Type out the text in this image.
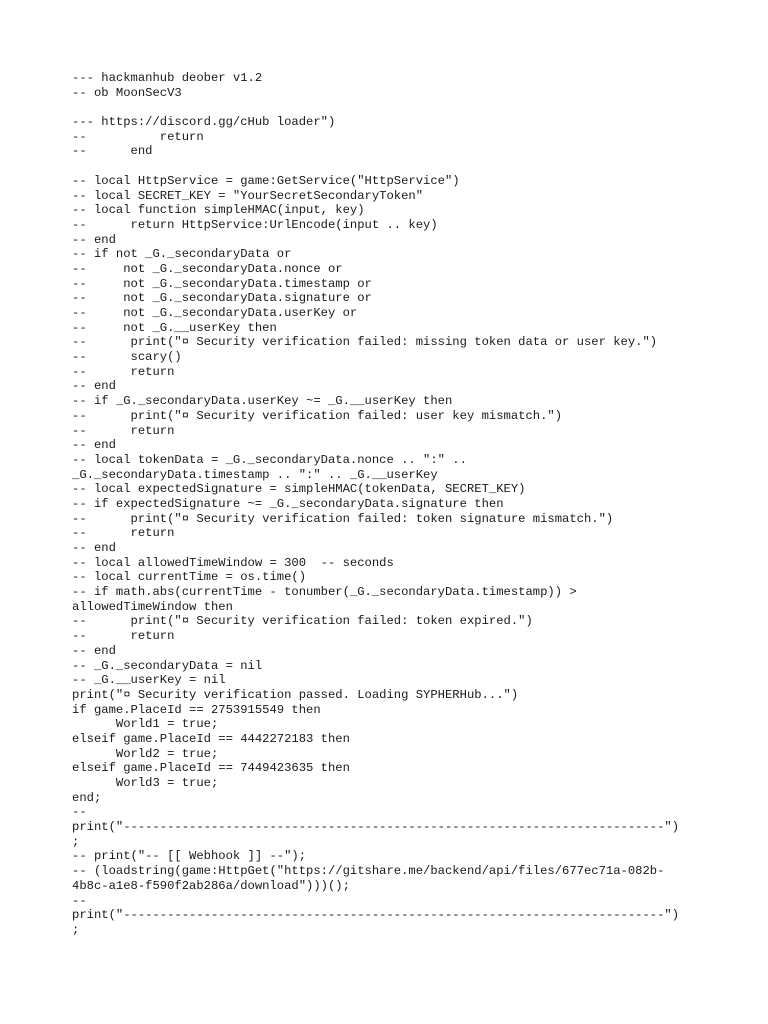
--- hackmanhub deober v1.2
-- ob MoonSecV3
--- https://discord.gg/cHub loader")
--          return
--      end
-- local HttpService = game:GetService("HttpService")
-- local SECRET_KEY = "YourSecretSecondaryToken"
-- local function simpleHMAC(input, key)
--      return HttpService:UrlEncode(input .. key)
-- end
-- if not _G._secondaryData or
--     not _G._secondaryData.nonce or
--     not _G._secondaryData.timestamp or
--     not _G._secondaryData.signature or
--     not _G._secondaryData.userKey or
--     not _G.__userKey then
--      print("¤ Security verification failed: missing token data or user key.")
--      scary()
--      return
-- end
-- if _G._secondaryData.userKey ~= _G.__userKey then
--      print("¤ Security verification failed: user key mismatch.")
--      return
-- end
-- local tokenData = _G._secondaryData.nonce .. ":" ..
_G._secondaryData.timestamp .. ":" .. _G.__userKey
-- local expectedSignature = simpleHMAC(tokenData, SECRET_KEY)
-- if expectedSignature ~= _G._secondaryData.signature then
--      print("¤ Security verification failed: token signature mismatch.")
--      return
-- end
-- local allowedTimeWindow = 300  -- seconds
-- local currentTime = os.time()
-- if math.abs(currentTime - tonumber(_G._secondaryData.timestamp)) >
allowedTimeWindow then
--      print("¤ Security verification failed: token expired.")
--      return
-- end
-- _G._secondaryData = nil
-- _G.__userKey = nil
print("¤ Security verification passed. Loading SYPHERHub...")
if game.PlaceId == 2753915549 then
World1 = true;
elseif game.PlaceId == 4442272183 then
World2 = true;
elseif game.PlaceId == 7449423635 then
World3 = true;
end;
--
print("--------------------------------------------------------------------------")
;
-- print("-- [[ Webhook ]] --");
-- (loadstring(game:HttpGet("https://gitshare.me/backend/api/files/677ec71a-082b-
4b8c-a1e8-f590f2ab286a/download")))();
--
print("--------------------------------------------------------------------------")
;
